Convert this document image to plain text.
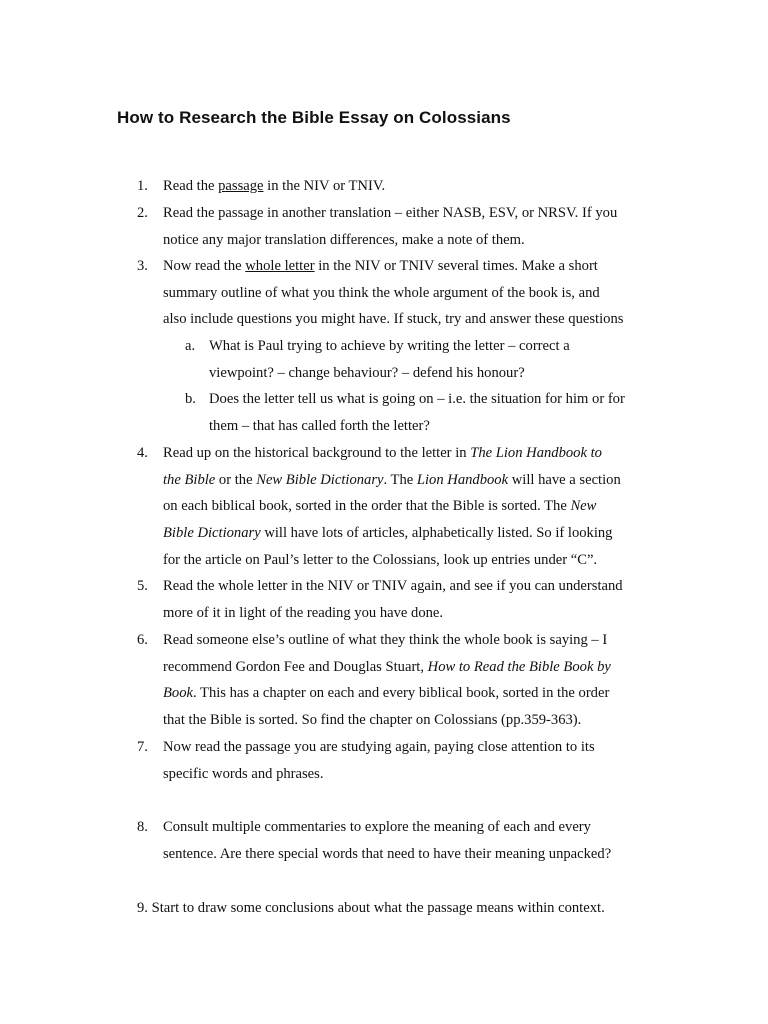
How to Research the Bible Essay on Colossians
1.	Read the passage in the NIV or TNIV.
2.	Read the passage in another translation – either NASB, ESV, or NRSV. If you
notice any major translation differences, make a note of them.
3.	Now read the whole letter in the NIV or TNIV several times. Make a short
summary outline of what you think the whole argument of the book is, and
also include questions you might have. If stuck, try and answer these questions
a. What is Paul trying to achieve by writing the letter – correct a
viewpoint? – change behaviour? – defend his honour?
b. Does the letter tell us what is going on – i.e. the situation for him or for
them – that has called forth the letter?
4.	Read up on the historical background to the letter in The Lion Handbook to
the Bible or the New Bible Dictionary. The Lion Handbook will have a section
on each biblical book, sorted in the order that the Bible is sorted. The New
Bible Dictionary will have lots of articles, alphabetically listed. So if looking
for the article on Paul’s letter to the Colossians, look up entries under “C”.
5.	Read the whole letter in the NIV or TNIV again, and see if you can understand
more of it in light of the reading you have done.
6.	Read someone else’s outline of what they think the whole book is saying – I
recommend Gordon Fee and Douglas Stuart, How to Read the Bible Book by
Book. This has a chapter on each and every biblical book, sorted in the order
that the Bible is sorted. So find the chapter on Colossians (pp.359-363).
7.	Now read the passage you are studying again, paying close attention to its
specific words and phrases.
8.	Consult multiple commentaries to explore the meaning of each and every
sentence. Are there special words that need to have their meaning unpacked?
9. Start to draw some conclusions about what the passage means within context.
